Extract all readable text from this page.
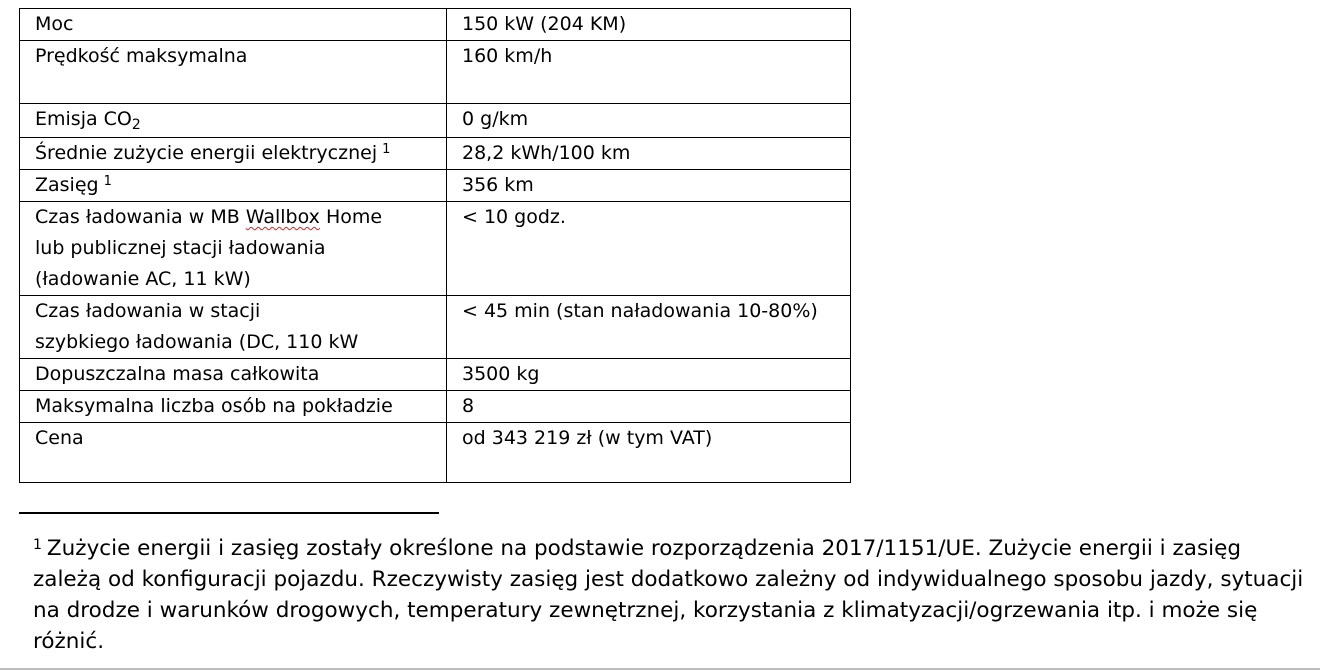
Moc	150 kW (204 KM)
Prędkość maksymalna	160 km/h
Emisja $CO_2$	0 g/km
Średnie zużycie energii elektrycznej $^1$	28,2 kWh/100 km
Zasięg $^1$	356 km

Czas ładowania w MB Wallbox Home
lub publicznej stacji ładowania
(ładowanie AC, 11 kW)	< 10 godz.

Czas ładowania w stacji
szybkiego ładowania (DC, 110 kW	< 45 min (stan naładowania 10-80%)
Dopuszczalna masa całkowita	3500 kg
Maksymalna liczba osób na pokładzie	8
Cena	od 343 219 zł (w tym VAT)

$^1$ Zużycie energii i zasięg zostały określone na podstawie rozporządzenia 2017/1151/UE. Zużycie energii i zasięg zależą od konfiguracji pojazdu. Rzeczywisty zasięg jest dodatkowo zależny od indywidualnego sposobu jazdy, sytuacji na drodze i warunków drogowych, temperatury zewnętrznej, korzystania z klimatyzacji/ogrzewania itp. i może się różnić.
